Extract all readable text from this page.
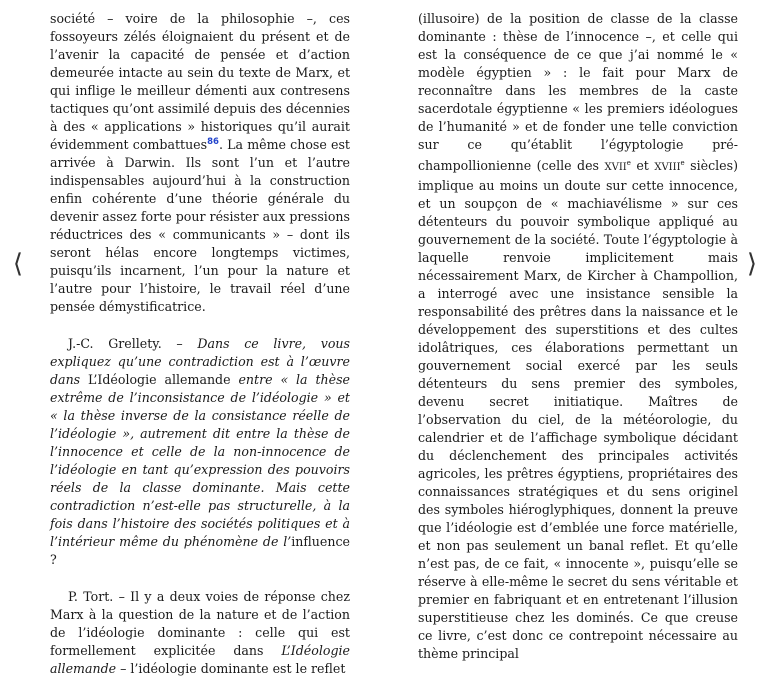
⟨	⟩

société – voire de la philosophie –, ces fossoyeurs zélés éloignaient du présent et de l’avenir la capacité de pensée et d’action demeurée intacte au sein du texte de Marx, et qui inflige le meilleur démenti aux contresens tactiques qu’ont assimilé depuis des décennies à des « applications » historiques qu’il aurait évidemment combattues$^{86}$. La même chose est arrivée à Darwin. Ils sont l’un et l’autre indispensables aujourd’hui à la construction enfin cohérente d’une théorie générale du devenir assez forte pour résister aux pressions réductrices des « communicants » – dont ils seront hélas encore longtemps victimes, puisqu’ils incarnent, l’un pour la nature et l’autre pour l’histoire, le travail réel d’une pensée démystificatrice.

J.-C. Grellety. – Dans ce livre, vous expliquez qu’une contradiction est à l’œuvre dans L’Idéologie allemande entre « la thèse extrême de l’inconsistance de l’idéologie » et « la thèse inverse de la consistance réelle de l’idéologie », autrement dit entre la thèse de l’innocence et celle de la non-innocence de l’idéologie en tant qu’expression des pouvoirs réels de la classe dominante. Mais cette contradiction n’est-elle pas structurelle, à la fois dans l’histoire des sociétés politiques et à l’intérieur même du phénomène de l’influence ?

P. Tort. – Il y a deux voies de réponse chez Marx à la question de la nature et de l’action de l’idéologie dominante : celle qui est formellement explicitée dans L’Idéologie allemande – l’idéologie dominante est le reflet

(illusoire) de la position de classe de la classe dominante : thèse de l’innocence –, et celle qui est la conséquence de ce que j’ai nommé le « modèle égyptien » : le fait pour Marx de reconnaître dans les membres de la caste sacerdotale égyptienne « les premiers idéologues de l’humanité » et de fonder une telle conviction sur ce qu’établit l’égyptologie pré-champollionienne (celle des XVIIe et XVIIIe siècles) implique au moins un doute sur cette innocence, et un soupçon de « machiavélisme » sur ces détenteurs du pouvoir symbolique appliqué au gouvernement de la société. Toute l’égyptologie à laquelle renvoie implicitement mais nécessairement Marx, de Kircher à Champollion, a interrogé avec une insistance sensible la responsabilité des prêtres dans la naissance et le développement des superstitions et des cultes idolâtriques, ces élaborations permettant un gouvernement social exercé par les seuls détenteurs du sens premier des symboles, devenu secret initiatique. Maîtres de l’observation du ciel, de la météorologie, du calendrier et de l’affichage symbolique décidant du déclenchement des principales activités agricoles, les prêtres égyptiens, propriétaires des connaissances stratégiques et du sens originel des symboles hiéroglyphiques, donnent la preuve que l’idéologie est d’emblée une force matérielle, et non pas seulement un banal reflet. Et qu’elle n’est pas, de ce fait, « innocente », puisqu’elle se réserve à elle-même le secret du sens véritable et premier en fabriquant et en entretenant l’illusion superstitieuse chez les dominés. Ce que creuse ce livre, c’est donc ce contrepoint nécessaire au thème principal
